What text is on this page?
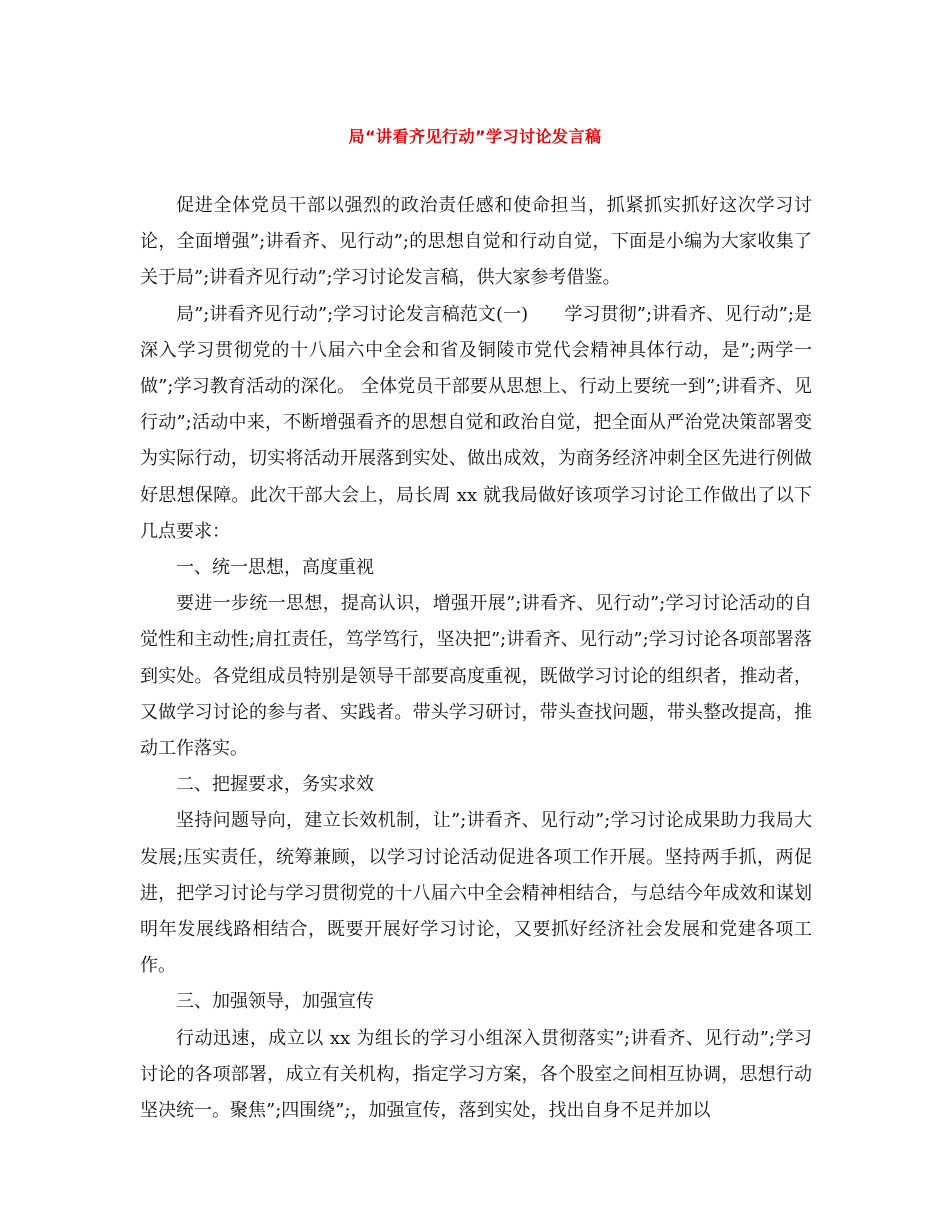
局“讲看齐见行动”学习讨论发言稿

促进全体党员干部以强烈的政治责任感和使命担当，抓紧抓实抓好这次学习讨论，全面增强”;讲看齐、见行动”;的思想自觉和行动自觉，下面是小编为大家收集了关于局”;讲看齐见行动”;学习讨论发言稿，供大家参考借鉴。

局”;讲看齐见行动”;学习讨论发言稿范文(一)　　学习贯彻”;讲看齐、见行动”;是深入学习贯彻党的十八届六中全会和省及铜陵市党代会精神具体行动，是”;两学一做”;学习教育活动的深化。 全体党员干部要从思想上、行动上要统一到”;讲看齐、见行动”;活动中来，不断增强看齐的思想自觉和政治自觉，把全面从严治党决策部署变为实际行动，切实将活动开展落到实处、做出成效，为商务经济冲刺全区先进行例做好思想保障。此次干部大会上，局长周 xx 就我局做好该项学习讨论工作做出了以下几点要求：

一、统一思想，高度重视

要进一步统一思想，提高认识，增强开展”;讲看齐、见行动”;学习讨论活动的自觉性和主动性;肩扛责任，笃学笃行，坚决把”;讲看齐、见行动”;学习讨论各项部署落到实处。各党组成员特别是领导干部要高度重视，既做学习讨论的组织者，推动者，又做学习讨论的参与者、实践者。带头学习研讨，带头查找问题，带头整改提高，推动工作落实。

二、把握要求，务实求效

坚持问题导向，建立长效机制，让”;讲看齐、见行动”;学习讨论成果助力我局大发展;压实责任，统筹兼顾，以学习讨论活动促进各项工作开展。坚持两手抓，两促进，把学习讨论与学习贯彻党的十八届六中全会精神相结合，与总结今年成效和谋划明年发展线路相结合，既要开展好学习讨论，又要抓好经济社会发展和党建各项工作。

三、加强领导，加强宣传

行动迅速，成立以 xx 为组长的学习小组深入贯彻落实”;讲看齐、见行动”;学习讨论的各项部署，成立有关机构，指定学习方案，各个股室之间相互协调，思想行动坚决统一。聚焦”;四围绕”;，加强宣传，落到实处，找出自身不足并加以
